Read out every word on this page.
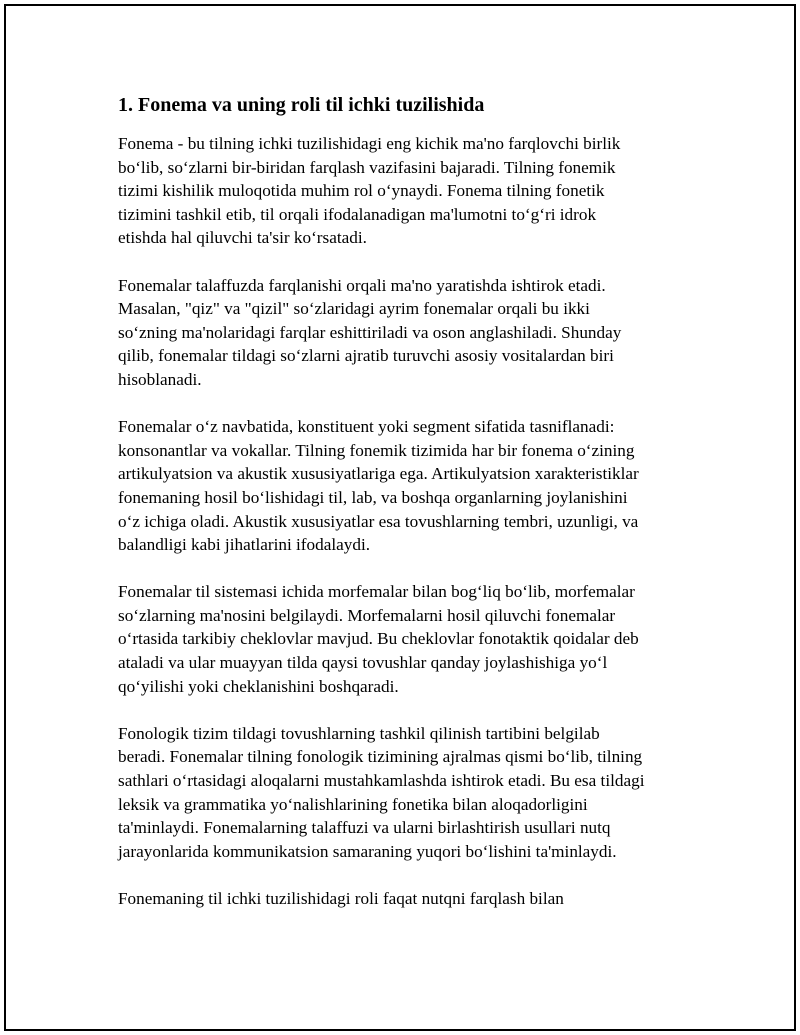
1. Fonema va uning roli til ichki tuzilishida
Fonema - bu tilning ichki tuzilishidagi eng kichik ma'no farqlovchi birlik
bo‘lib, so‘zlarni bir-biridan farqlash vazifasini bajaradi. Tilning fonemik
tizimi kishilik muloqotida muhim rol o‘ynaydi. Fonema tilning fonetik
tizimini tashkil etib, til orqali ifodalanadigan ma'lumotni to‘g‘ri idrok
etishda hal qiluvchi ta'sir ko‘rsatadi.
Fonemalar talaffuzda farqlanishi orqali ma'no yaratishda ishtirok etadi.
Masalan, "qiz" va "qizil" so‘zlaridagi ayrim fonemalar orqali bu ikki
so‘zning ma'nolaridagi farqlar eshittiriladi va oson anglashiladi. Shunday
qilib, fonemalar tildagi so‘zlarni ajratib turuvchi asosiy vositalardan biri
hisoblanadi.
Fonemalar o‘z navbatida, konstituent yoki segment sifatida tasniflanadi:
konsonantlar va vokallar. Tilning fonemik tizimida har bir fonema o‘zining
artikulyatsion va akustik xususiyatlariga ega. Artikulyatsion xarakteristiklar
fonemaning hosil bo‘lishidagi til, lab, va boshqa organlarning joylanishini
o‘z ichiga oladi. Akustik xususiyatlar esa tovushlarning tembri, uzunligi, va
balandligi kabi jihatlarini ifodalaydi.
Fonemalar til sistemasi ichida morfemalar bilan bog‘liq bo‘lib, morfemalar
so‘zlarning ma'nosini belgilaydi. Morfemalarni hosil qiluvchi fonemalar
o‘rtasida tarkibiy cheklovlar mavjud. Bu cheklovlar fonotaktik qoidalar deb
ataladi va ular muayyan tilda qaysi tovushlar qanday joylashishiga yo‘l
qo‘yilishi yoki cheklanishini boshqaradi.
Fonologik tizim tildagi tovushlarning tashkil qilinish tartibini belgilab
beradi. Fonemalar tilning fonologik tizimining ajralmas qismi bo‘lib, tilning
sathlari o‘rtasidagi aloqalarni mustahkamlashda ishtirok etadi. Bu esa tildagi
leksik va grammatika yo‘nalishlarining fonetika bilan aloqadorligini
ta'minlaydi. Fonemalarning talaffuzi va ularni birlashtirish usullari nutq
jarayonlarida kommunikatsion samaraning yuqori bo‘lishini ta'minlaydi.
Fonemaning til ichki tuzilishidagi roli faqat nutqni farqlash bilan
